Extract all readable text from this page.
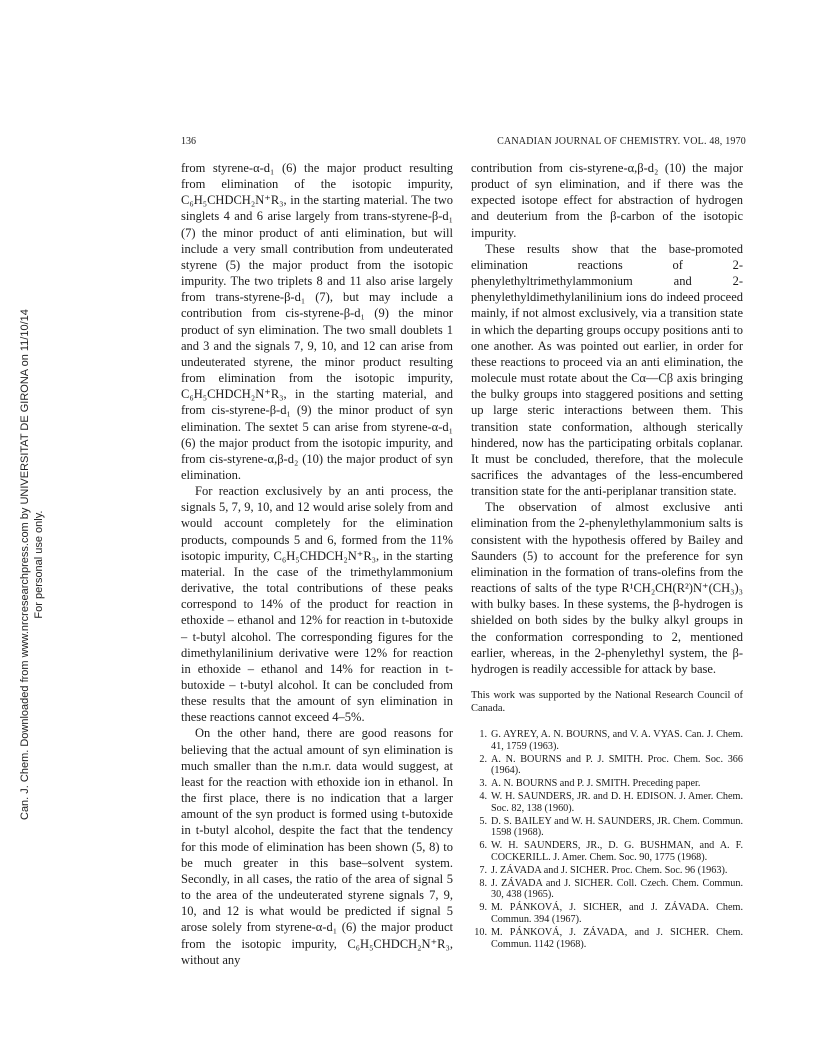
136	CANADIAN JOURNAL OF CHEMISTRY. VOL. 48, 1970
Can. J. Chem. Downloaded from www.nrcresearchpress.com by UNIVERSITAT DE GIRONA on 11/10/14 For personal use only.

from styrene-α-d₁ (6) the major product resulting from elimination of the isotopic impurity, C₆H₅CHDCH₂N⁺R₃, in the starting material. The two singlets 4 and 6 arise largely from trans-styrene-β-d₁ (7) the minor product of anti elimination, but will include a very small contribution from undeuterated styrene (5) the major product from the isotopic impurity. The two triplets 8 and 11 also arise largely from trans-styrene-β-d₁ (7), but may include a contribution from cis-styrene-β-d₁ (9) the minor product of syn elimination. The two small doublets 1 and 3 and the signals 7, 9, 10, and 12 can arise from undeuterated styrene, the minor product resulting from elimination from the isotopic impurity, C₆H₅CHDCH₂N⁺R₃, in the starting material, and from cis-styrene-β-d₁ (9) the minor product of syn elimination. The sextet 5 can arise from styrene-α-d₁ (6) the major product from the isotopic impurity, and from cis-styrene-α,β-d₂ (10) the major product of syn elimination.

For reaction exclusively by an anti process, the signals 5, 7, 9, 10, and 12 would arise solely from and would account completely for the elimination products, compounds 5 and 6, formed from the 11% isotopic impurity, C₆H₅CHDCH₂N⁺R₃, in the starting material. In the case of the trimethylammonium derivative, the total contributions of these peaks correspond to 14% of the product for reaction in ethoxide – ethanol and 12% for reaction in t-butoxide – t-butyl alcohol. The corresponding figures for the dimethylanilinium derivative were 12% for reaction in ethoxide – ethanol and 14% for reaction in t-butoxide – t-butyl alcohol. It can be concluded from these results that the amount of syn elimination in these reactions cannot exceed 4–5%.

On the other hand, there are good reasons for believing that the actual amount of syn elimination is much smaller than the n.m.r. data would suggest, at least for the reaction with ethoxide ion in ethanol. In the first place, there is no indication that a larger amount of the syn product is formed using t-butoxide in t-butyl alcohol, despite the fact that the tendency for this mode of elimination has been shown (5, 8) to be much greater in this base–solvent system. Secondly, in all cases, the ratio of the area of signal 5 to the area of the undeuterated styrene signals 7, 9, 10, and 12 is what would be predicted if signal 5 arose solely from styrene-α-d₁ (6) the major product from the isotopic impurity, C₆H₅CHDCH₂N⁺R₃, without any

contribution from cis-styrene-α,β-d₂ (10) the major product of syn elimination, and if there was the expected isotope effect for abstraction of hydrogen and deuterium from the β-carbon of the isotopic impurity.

These results show that the base-promoted elimination reactions of 2-phenylethyltrimethylammonium and 2-phenylethyldimethylanilinium ions do indeed proceed mainly, if not almost exclusively, via a transition state in which the departing groups occupy positions anti to one another. As was pointed out earlier, in order for these reactions to proceed via an anti elimination, the molecule must rotate about the Cα—Cβ axis bringing the bulky groups into staggered positions and setting up large steric interactions between them. This transition state conformation, although sterically hindered, now has the participating orbitals coplanar. It must be concluded, therefore, that the molecule sacrifices the advantages of the less-encumbered transition state for the anti-periplanar transition state.

The observation of almost exclusive anti elimination from the 2-phenylethylammonium salts is consistent with the hypothesis offered by Bailey and Saunders (5) to account for the preference for syn elimination in the formation of trans-olefins from the reactions of salts of the type R¹CH₂CH(R²)N⁺(CH₃)₃ with bulky bases. In these systems, the β-hydrogen is shielded on both sides by the bulky alkyl groups in the conformation corresponding to 2, mentioned earlier, whereas, in the 2-phenylethyl system, the β-hydrogen is readily accessible for attack by base.

This work was supported by the National Research Council of Canada.

1. G. AYREY, A. N. BOURNS, and V. A. VYAS. Can. J. Chem. 41, 1759 (1963).
2. A. N. BOURNS and P. J. SMITH. Proc. Chem. Soc. 366 (1964).
3. A. N. BOURNS and P. J. SMITH. Preceding paper.
4. W. H. SAUNDERS, JR. and D. H. EDISON. J. Amer. Chem. Soc. 82, 138 (1960).
5. D. S. BAILEY and W. H. SAUNDERS, JR. Chem. Commun. 1598 (1968).
6. W. H. SAUNDERS, JR., D. G. BUSHMAN, and A. F. COCKERILL. J. Amer. Chem. Soc. 90, 1775 (1968).
7. J. ZÁVADA and J. SICHER. Proc. Chem. Soc. 96 (1963).
8. J. ZÁVADA and J. SICHER. Coll. Czech. Chem. Commun. 30, 438 (1965).
9. M. PÁNKOVÁ, J. SICHER, and J. ZÁVADA. Chem. Commun. 394 (1967).
10. M. PÁNKOVÁ, J. ZÁVADA, and J. SICHER. Chem. Commun. 1142 (1968).
